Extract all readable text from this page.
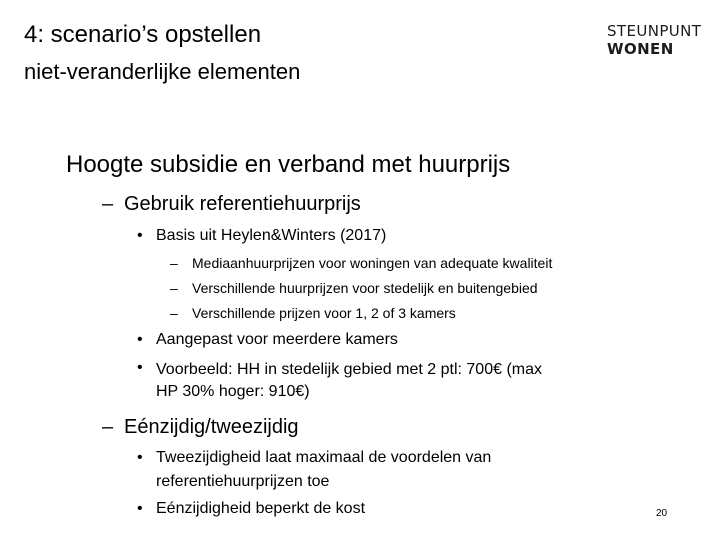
4: scenario’s opstellen
niet-veranderlijke elementen
STEUNPUNT
WONEN
Hoogte subsidie en verband met huurprijs
– Gebruik referentiehuurprijs
• Basis uit Heylen&Winters (2017)
– Mediaanhuurprijzen voor woningen van adequate kwaliteit
– Verschillende huurprijzen voor stedelijk en buitengebied
– Verschillende prijzen voor 1, 2 of 3 kamers
• Aangepast voor meerdere kamers
• Voorbeeld: HH in stedelijk gebied met 2 ptl: 700€ (max
HP 30% hoger: 910€)
– Eénzijdig/tweezijdig
• Tweezijdigheid laat maximaal de voordelen van
referentiehuurprijzen toe
• Eénzijdigheid beperkt de kost	20
